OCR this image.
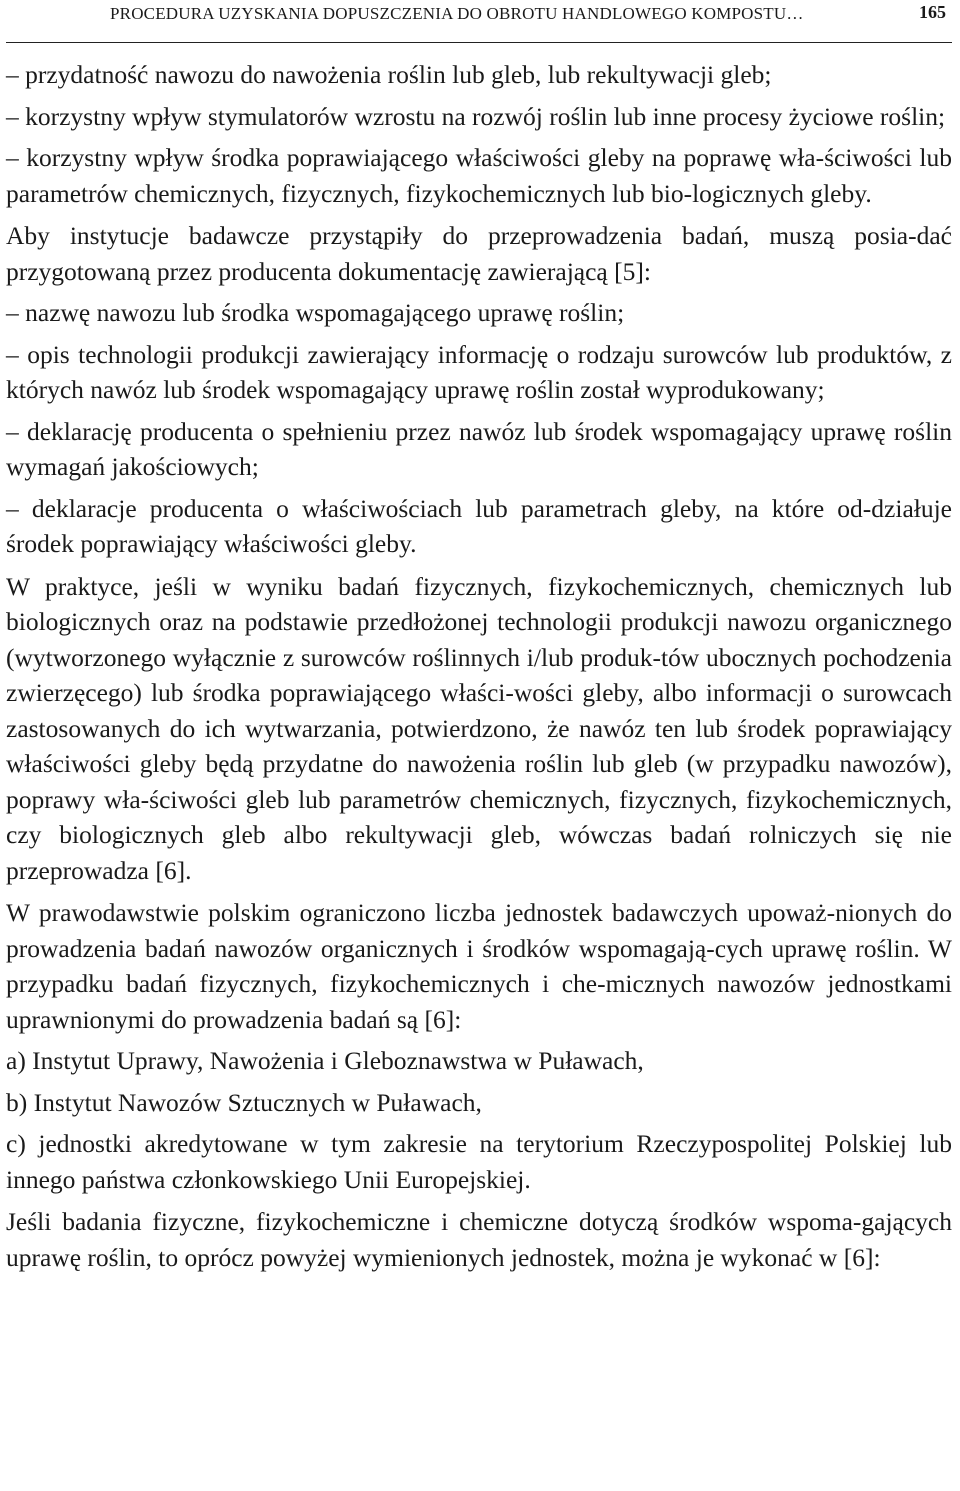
PROCEDURA UZYSKANIA DOPUSZCZENIA DO OBROTU HANDLOWEGO KOMPOSTU…	165

– przydatność nawozu do nawożenia roślin lub gleb, lub rekultywacji gleb;

– korzystny wpływ stymulatorów wzrostu na rozwój roślin lub inne procesy życiowe roślin;

– korzystny wpływ środka poprawiającego właściwości gleby na poprawę wła-ściwości lub parametrów chemicznych, fizycznych, fizykochemicznych lub bio-logicznych gleby.

Aby instytucje badawcze przystąpiły do przeprowadzenia badań, muszą posia-dać przygotowaną przez producenta dokumentację zawierającą [5]:

– nazwę nawozu lub środka wspomagającego uprawę roślin;

– opis technologii produkcji zawierający informację o rodzaju surowców lub produktów, z których nawóz lub środek wspomagający uprawę roślin został wyprodukowany;

– deklarację producenta o spełnieniu przez nawóz lub środek wspomagający uprawę roślin wymagań jakościowych;

– deklaracje producenta o właściwościach lub parametrach gleby, na które od-działuje środek poprawiający właściwości gleby.

W praktyce, jeśli w wyniku badań fizycznych, fizykochemicznych, chemicznych lub biologicznych oraz na podstawie przedłożonej technologii produkcji nawozu organicznego (wytworzonego wyłącznie z surowców roślinnych i/lub produk-tów ubocznych pochodzenia zwierzęcego) lub środka poprawiającego właści-wości gleby, albo informacji o surowcach zastosowanych do ich wytwarzania, potwierdzono, że nawóz ten lub środek poprawiający właściwości gleby będą przydatne do nawożenia roślin lub gleb (w przypadku nawozów), poprawy wła-ściwości gleb lub parametrów chemicznych, fizycznych, fizykochemicznych, czy biologicznych gleb albo rekultywacji gleb, wówczas badań rolniczych się nie przeprowadza [6].

W prawodawstwie polskim ograniczono liczba jednostek badawczych upoważ-nionych do prowadzenia badań nawozów organicznych i środków wspomagają-cych uprawę roślin. W przypadku badań fizycznych, fizykochemicznych i che-micznych nawozów jednostkami uprawnionymi do prowadzenia badań są [6]:

a) Instytut Uprawy, Nawożenia i Gleboznawstwa w Puławach,

b) Instytut Nawozów Sztucznych w Puławach,

c) jednostki akredytowane w tym zakresie na terytorium Rzeczypospolitej Polskiej lub innego państwa członkowskiego Unii Europejskiej.

Jeśli badania fizyczne, fizykochemiczne i chemiczne dotyczą środków wspoma-gających uprawę roślin, to oprócz powyżej wymienionych jednostek, można je wykonać w [6]:
